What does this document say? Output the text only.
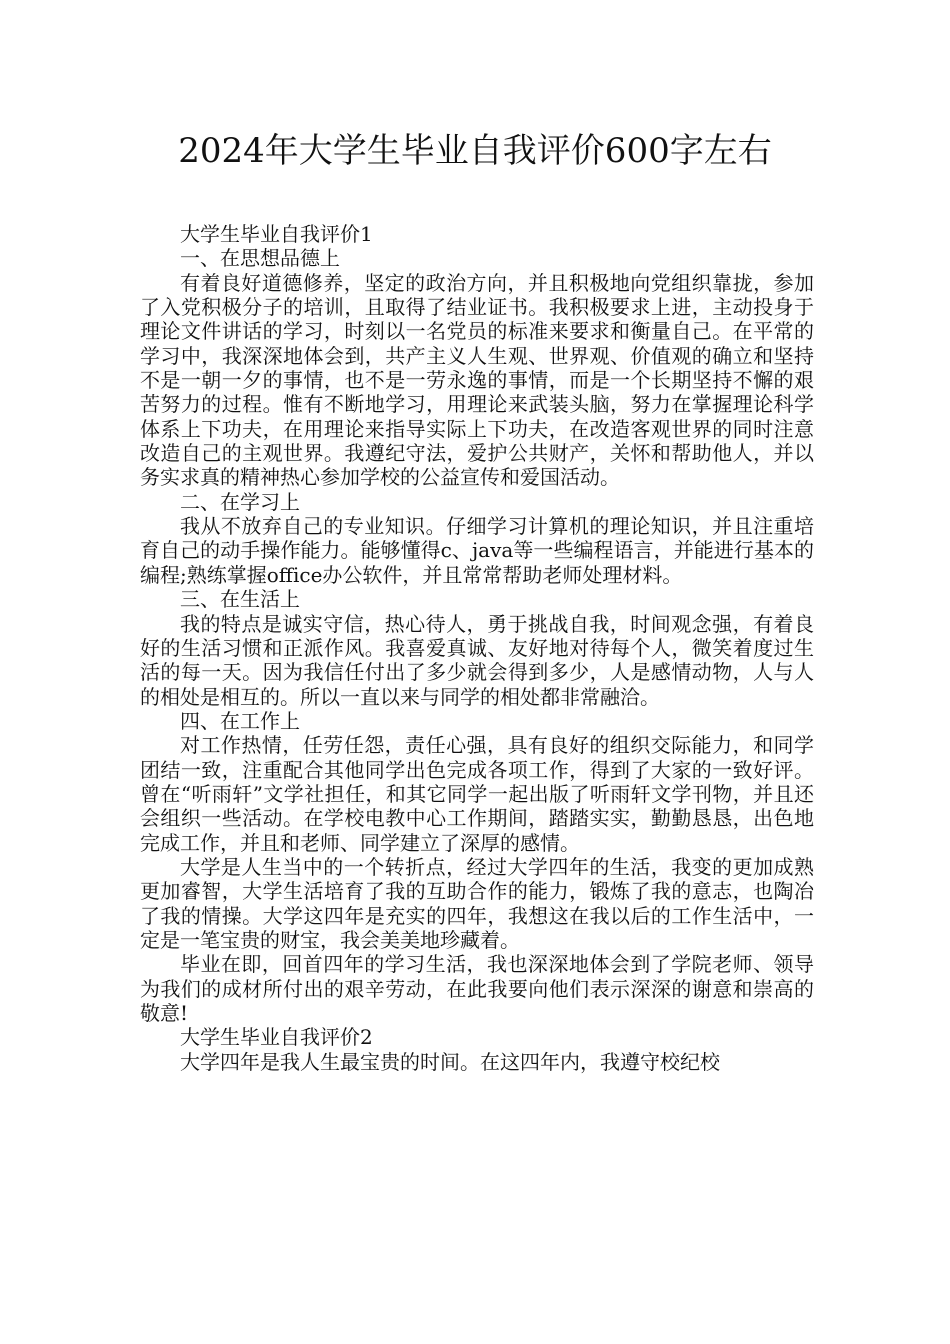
2024年大学生毕业自我评价600字左右

大学生毕业自我评价1

一、在思想品德上

有着良好道德修养，坚定的政治方向，并且积极地向党组织靠拢，参加了入党积极分子的培训，且取得了结业证书。我积极要求上进，主动投身于理论文件讲话的学习，时刻以一名党员的标准来要求和衡量自己。在平常的学习中，我深深地体会到，共产主义人生观、世界观、价值观的确立和坚持不是一朝一夕的事情，也不是一劳永逸的事情，而是一个长期坚持不懈的艰苦努力的过程。惟有不断地学习，用理论来武装头脑，努力在掌握理论科学体系上下功夫，在用理论来指导实际上下功夫，在改造客观世界的同时注意改造自己的主观世界。我遵纪守法，爱护公共财产，关怀和帮助他人，并以务实求真的精神热心参加学校的公益宣传和爱国活动。

二、在学习上

我从不放弃自己的专业知识。仔细学习计算机的理论知识，并且注重培育自己的动手操作能力。能够懂得c、java等一些编程语言，并能进行基本的编程;熟练掌握office办公软件，并且常常帮助老师处理材料。

三、在生活上

我的特点是诚实守信，热心待人，勇于挑战自我，时间观念强，有着良好的生活习惯和正派作风。我喜爱真诚、友好地对待每个人，微笑着度过生活的每一天。因为我信任付出了多少就会得到多少，人是感情动物，人与人的相处是相互的。所以一直以来与同学的相处都非常融洽。

四、在工作上

对工作热情，任劳任怨，责任心强，具有良好的组织交际能力，和同学团结一致，注重配合其他同学出色完成各项工作，得到了大家的一致好评。曾在“听雨轩”文学社担任，和其它同学一起出版了听雨轩文学刊物，并且还会组织一些活动。在学校电教中心工作期间，踏踏实实，勤勤恳恳，出色地完成工作，并且和老师、同学建立了深厚的感情。

大学是人生当中的一个转折点，经过大学四年的生活，我变的更加成熟更加睿智，大学生活培育了我的互助合作的能力，锻炼了我的意志，也陶冶了我的情操。大学这四年是充实的四年，我想这在我以后的工作生活中，一定是一笔宝贵的财宝，我会美美地珍藏着。

毕业在即，回首四年的学习生活，我也深深地体会到了学院老师、领导为我们的成材所付出的艰辛劳动，在此我要向他们表示深深的谢意和崇高的敬意!

大学生毕业自我评价2

大学四年是我人生最宝贵的时间。在这四年内，我遵守校纪校
